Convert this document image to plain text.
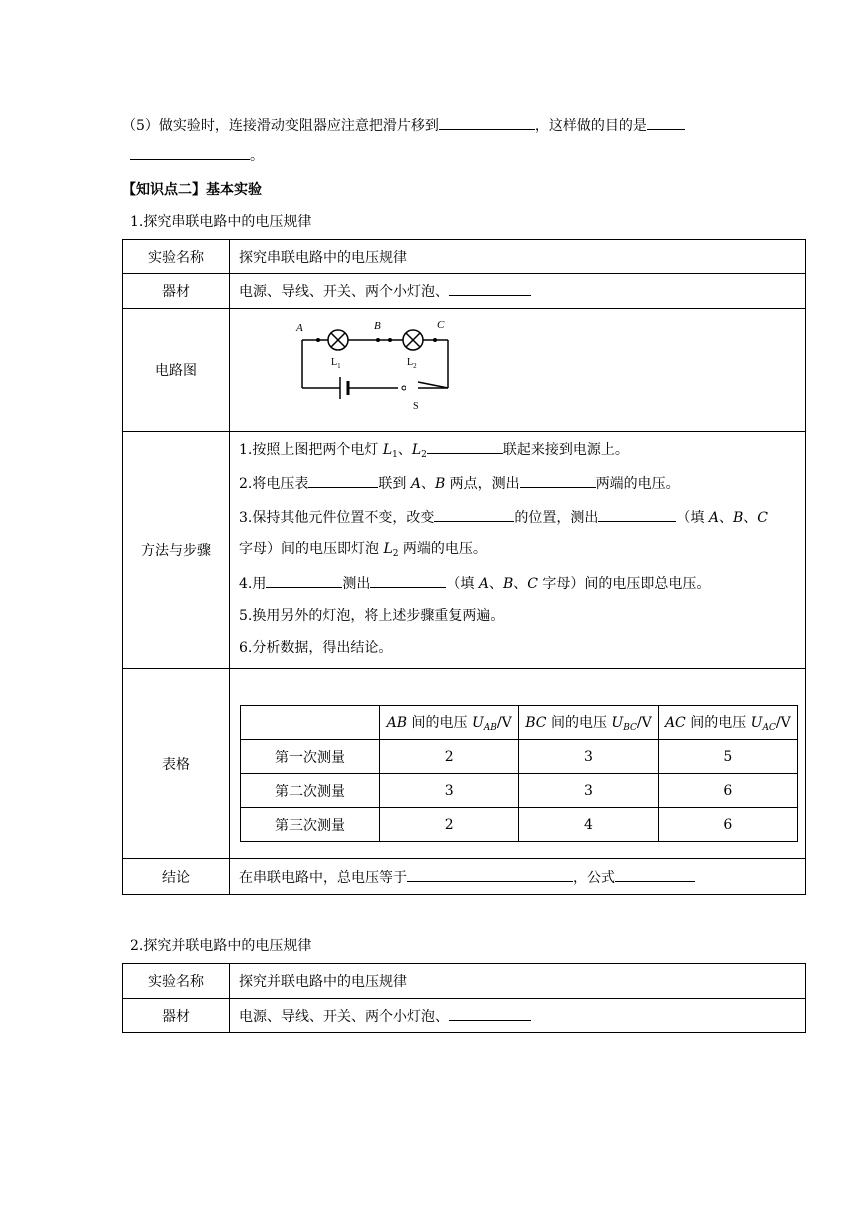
（5）做实验时，连接滑动变阻器应注意把滑片移到	，这样做的目的是
。
【知识点二】基本实验
1.探究串联电路中的电压规律
实验名称	探究串联电路中的电压规律
器材	电源、导线、开关、两个小灯泡、
电路图	
A	B	C
$L_1$	$L_2$
S

方法与步骤	
1.按照上图把两个电灯 $L_1$、$L_2$	联起来接到电源上。
2.将电压表	联到 A、B 两点，测出	两端的电压。
3.保持其他元件位置不变，改变	的位置，测出	（填 A、B、C
字母）间的电压即灯泡 $L_2$ 两端的电压。
4.用	测出	（填 A、B、C 字母）间的电压即总电压。
5.换用另外的灯泡，将上述步骤重复两遍。
6.分析数据，得出结论。

表格	
	AB 间的电压 $U_{AB}/V$	BC 间的电压 $U_{BC}/V$	AC 间的电压 $U_{AC}/V$
第一次测量	2	3	5
第二次测量	3	3	6
第三次测量	2	4	6

结论	在串联电路中，总电压等于	，公式
2.探究并联电路中的电压规律
实验名称	探究并联电路中的电压规律
器材	电源、导线、开关、两个小灯泡、
